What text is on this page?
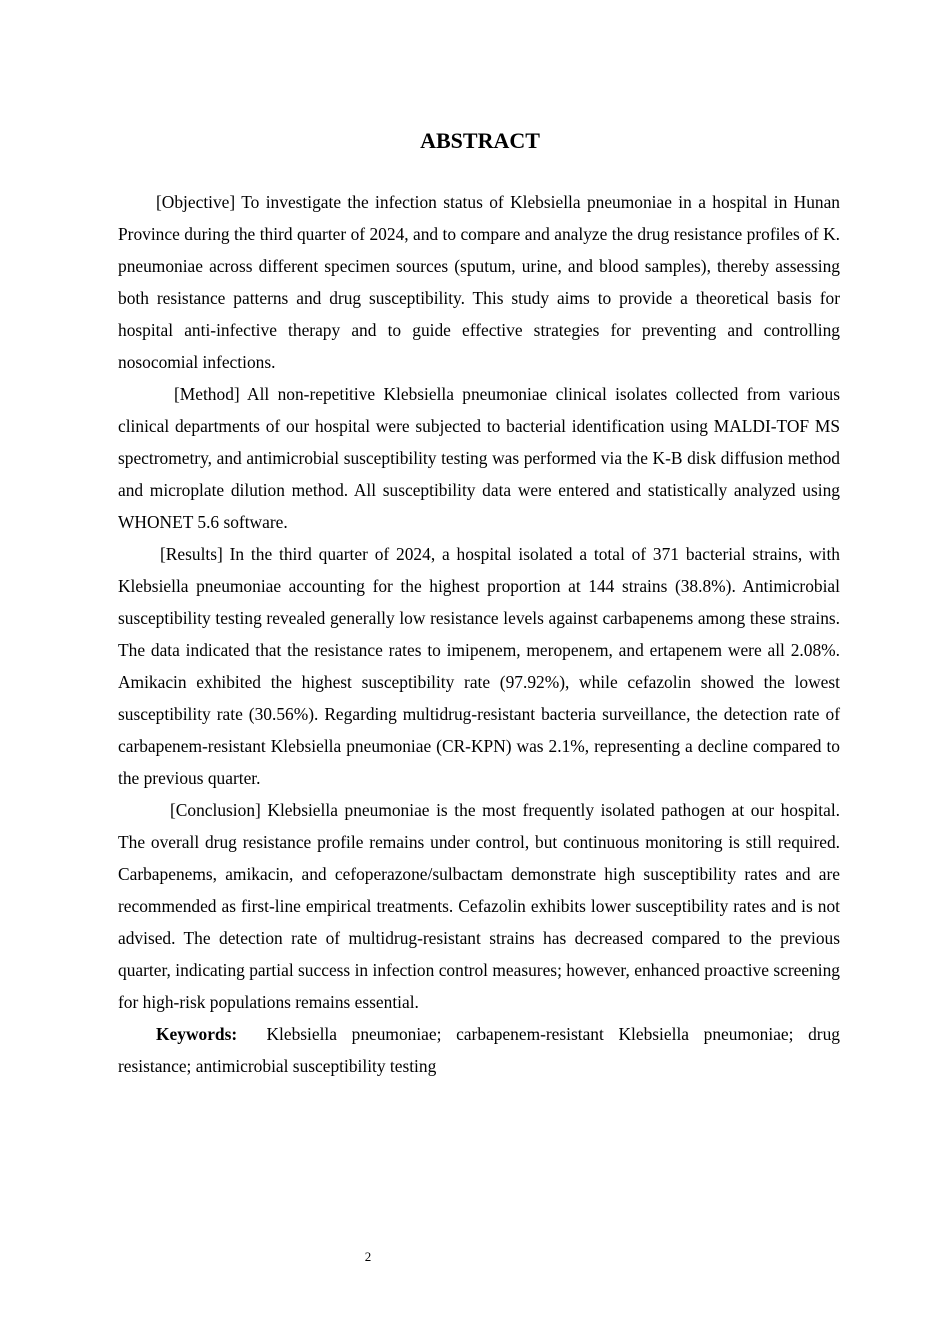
ABSTRACT

[Objective] To investigate the infection status of Klebsiella pneumoniae in a hospital in Hunan Province during the third quarter of 2024, and to compare and analyze the drug resistance profiles of K. pneumoniae across different specimen sources (sputum, urine, and blood samples), thereby assessing both resistance patterns and drug susceptibility. This study aims to provide a theoretical basis for hospital anti-infective therapy and to guide effective strategies for preventing and controlling nosocomial infections.

[Method] All non-repetitive Klebsiella pneumoniae clinical isolates collected from various clinical departments of our hospital were subjected to bacterial identification using MALDI-TOF MS spectrometry, and antimicrobial susceptibility testing was performed via the K-B disk diffusion method and microplate dilution method. All susceptibility data were entered and statistically analyzed using WHONET 5.6 software.

[Results] In the third quarter of 2024, a hospital isolated a total of 371 bacterial strains, with Klebsiella pneumoniae accounting for the highest proportion at 144 strains (38.8%). Antimicrobial susceptibility testing revealed generally low resistance levels against carbapenems among these strains. The data indicated that the resistance rates to imipenem, meropenem, and ertapenem were all 2.08%. Amikacin exhibited the highest susceptibility rate (97.92%), while cefazolin showed the lowest susceptibility rate (30.56%). Regarding multidrug-resistant bacteria surveillance, the detection rate of carbapenem-resistant Klebsiella pneumoniae (CR-KPN) was 2.1%, representing a decline compared to the previous quarter.

[Conclusion] Klebsiella pneumoniae is the most frequently isolated pathogen at our hospital. The overall drug resistance profile remains under control, but continuous monitoring is still required. Carbapenems, amikacin, and cefoperazone/sulbactam demonstrate high susceptibility rates and are recommended as first-line empirical treatments. Cefazolin exhibits lower susceptibility rates and is not advised. The detection rate of multidrug-resistant strains has decreased compared to the previous quarter, indicating partial success in infection control measures; however, enhanced proactive screening for high-risk populations remains essential.

Keywords: Klebsiella pneumoniae; carbapenem-resistant Klebsiella pneumoniae; drug resistance; antimicrobial susceptibility testing

2
